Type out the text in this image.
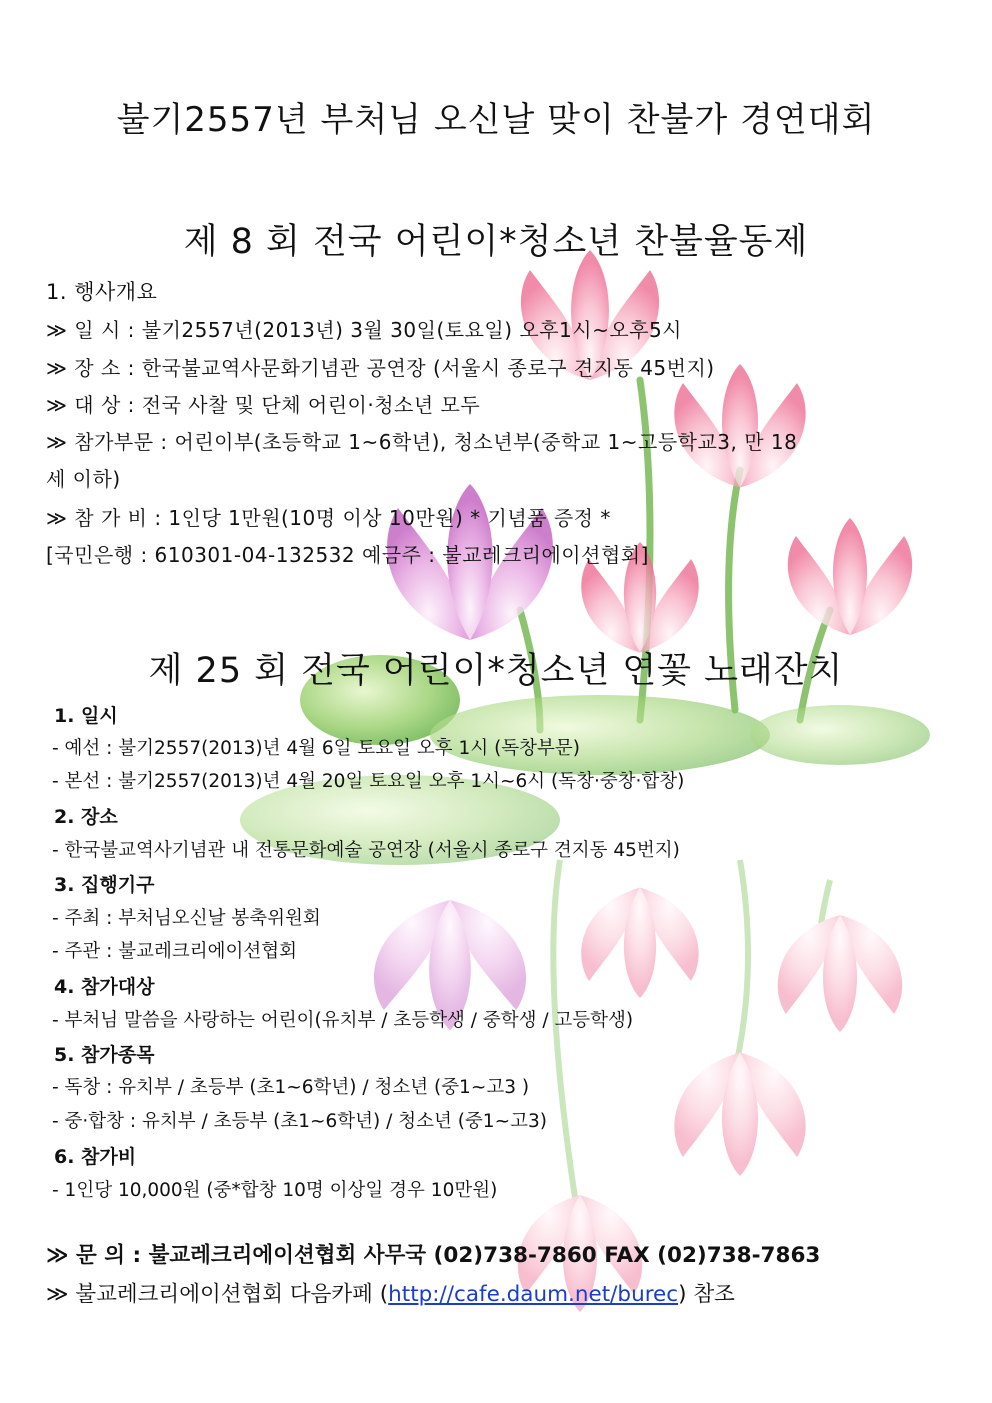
불기2557년 부처님 오신날 맞이 찬불가 경연대회
제 8 회 전국 어린이*청소년 찬불율동제
1. 행사개요
≫ 일 시 : 불기2557년(2013년) 3월 30일(토요일) 오후1시~오후5시
≫ 장 소 : 한국불교역사문화기념관 공연장 (서울시 종로구 견지동 45번지)
≫ 대 상 : 전국 사찰 및 단체 어린이·청소년 모두
≫ 참가부문 : 어린이부(초등학교 1~6학년), 청소년부(중학교 1~고등학교3, 만 18
세 이하)
≫ 참 가 비 : 1인당 1만원(10명 이상 10만원) * 기념품 증정 *
[국민은행 : 610301-04-132532 예금주 : 불교레크리에이션협회]
제 25 회 전국 어린이*청소년 연꽃 노래잔치
1. 일시
- 예선 : 불기2557(2013)년 4월 6일 토요일 오후 1시 (독창부문)
- 본선 : 불기2557(2013)년 4월 20일 토요일 오후 1시~6시 (독창·중창·합창)
2. 장소
- 한국불교역사기념관 내 전통문화예술 공연장 (서울시 종로구 견지동 45번지)
3. 집행기구
- 주최 : 부처님오신날 봉축위원회
- 주관 : 불교레크리에이션협회
4. 참가대상
- 부처님 말씀을 사랑하는 어린이(유치부 / 초등학생 / 중학생 / 고등학생)
5. 참가종목
- 독창 : 유치부 / 초등부 (초1~6학년) / 청소년 (중1~고3 )
- 중·합창 : 유치부 / 초등부 (초1~6학년) / 청소년 (중1~고3)
6. 참가비
- 1인당 10,000원 (중*합창 10명 이상일 경우 10만원)
≫ 문 의 : 불교레크리에이션협회 사무국 (02)738-7860 FAX (02)738-7863
≫ 불교레크리에이션협회 다음카페 (http://cafe.daum.net/burec) 참조
